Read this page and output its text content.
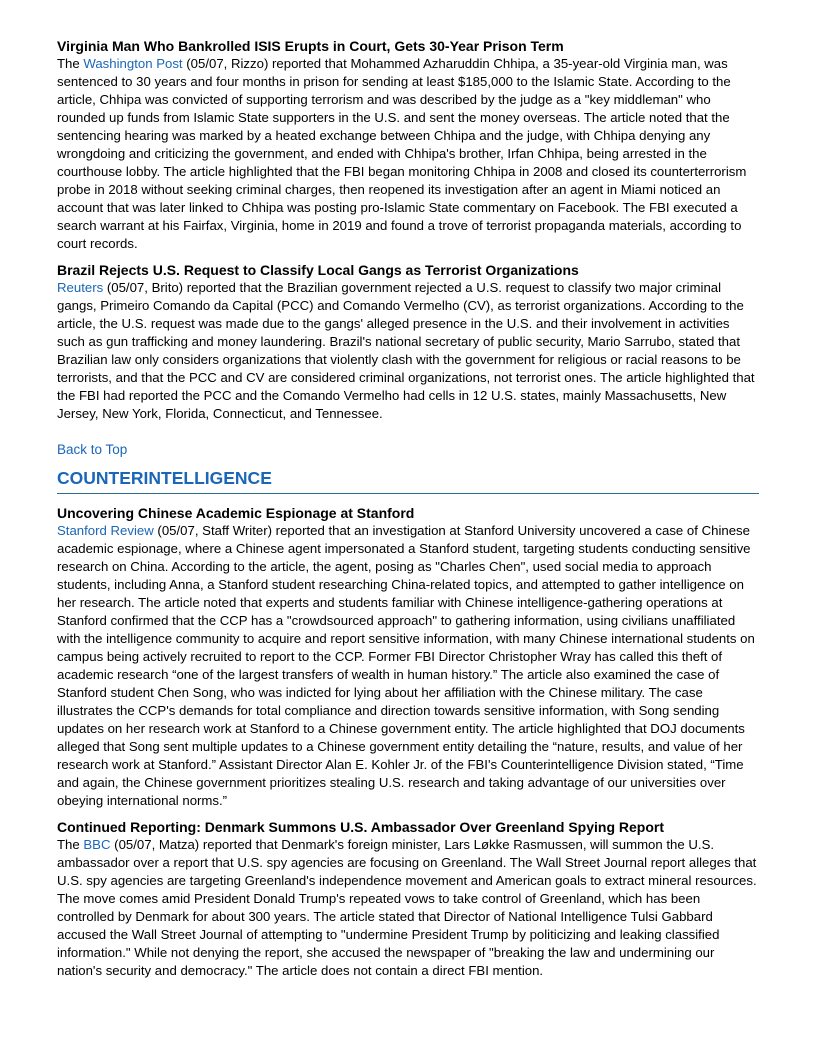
Virginia Man Who Bankrolled ISIS Erupts in Court, Gets 30-Year Prison Term

The Washington Post (05/07, Rizzo) reported that Mohammed Azharuddin Chhipa, a 35-year-old Virginia man, was sentenced to 30 years and four months in prison for sending at least $185,000 to the Islamic State. According to the article, Chhipa was convicted of supporting terrorism and was described by the judge as a "key middleman" who rounded up funds from Islamic State supporters in the U.S. and sent the money overseas. The article noted that the sentencing hearing was marked by a heated exchange between Chhipa and the judge, with Chhipa denying any wrongdoing and criticizing the government, and ended with Chhipa's brother, Irfan Chhipa, being arrested in the courthouse lobby. The article highlighted that the FBI began monitoring Chhipa in 2008 and closed its counterterrorism probe in 2018 without seeking criminal charges, then reopened its investigation after an agent in Miami noticed an account that was later linked to Chhipa was posting pro-Islamic State commentary on Facebook. The FBI executed a search warrant at his Fairfax, Virginia, home in 2019 and found a trove of terrorist propaganda materials, according to court records.

Brazil Rejects U.S. Request to Classify Local Gangs as Terrorist Organizations

Reuters (05/07, Brito) reported that the Brazilian government rejected a U.S. request to classify two major criminal gangs, Primeiro Comando da Capital (PCC) and Comando Vermelho (CV), as terrorist organizations. According to the article, the U.S. request was made due to the gangs' alleged presence in the U.S. and their involvement in activities such as gun trafficking and money laundering. Brazil's national secretary of public security, Mario Sarrubo, stated that Brazilian law only considers organizations that violently clash with the government for religious or racial reasons to be terrorists, and that the PCC and CV are considered criminal organizations, not terrorist ones. The article highlighted that the FBI had reported the PCC and the Comando Vermelho had cells in 12 U.S. states, mainly Massachusetts, New Jersey, New York, Florida, Connecticut, and Tennessee.

Back to Top
COUNTERINTELLIGENCE

Uncovering Chinese Academic Espionage at Stanford

Stanford Review (05/07, Staff Writer) reported that an investigation at Stanford University uncovered a case of Chinese academic espionage, where a Chinese agent impersonated a Stanford student, targeting students conducting sensitive research on China. According to the article, the agent, posing as "Charles Chen", used social media to approach students, including Anna, a Stanford student researching China-related topics, and attempted to gather intelligence on her research. The article noted that experts and students familiar with Chinese intelligence-gathering operations at Stanford confirmed that the CCP has a "crowdsourced approach" to gathering information, using civilians unaffiliated with the intelligence community to acquire and report sensitive information, with many Chinese international students on campus being actively recruited to report to the CCP. Former FBI Director Christopher Wray has called this theft of academic research “one of the largest transfers of wealth in human history.” The article also examined the case of Stanford student Chen Song, who was indicted for lying about her affiliation with the Chinese military. The case illustrates the CCP's demands for total compliance and direction towards sensitive information, with Song sending updates on her research work at Stanford to a Chinese government entity. The article highlighted that DOJ documents alleged that Song sent multiple updates to a Chinese government entity detailing the “nature, results, and value of her research work at Stanford.” Assistant Director Alan E. Kohler Jr. of the FBI's Counterintelligence Division stated, “Time and again, the Chinese government prioritizes stealing U.S. research and taking advantage of our universities over obeying international norms.”

Continued Reporting: Denmark Summons U.S. Ambassador Over Greenland Spying Report

The BBC (05/07, Matza) reported that Denmark's foreign minister, Lars Løkke Rasmussen, will summon the U.S. ambassador over a report that U.S. spy agencies are focusing on Greenland. The Wall Street Journal report alleges that U.S. spy agencies are targeting Greenland's independence movement and American goals to extract mineral resources. The move comes amid President Donald Trump's repeated vows to take control of Greenland, which has been controlled by Denmark for about 300 years. The article stated that Director of National Intelligence Tulsi Gabbard accused the Wall Street Journal of attempting to "undermine President Trump by politicizing and leaking classified information." While not denying the report, she accused the newspaper of "breaking the law and undermining our nation's security and democracy." The article does not contain a direct FBI mention.
